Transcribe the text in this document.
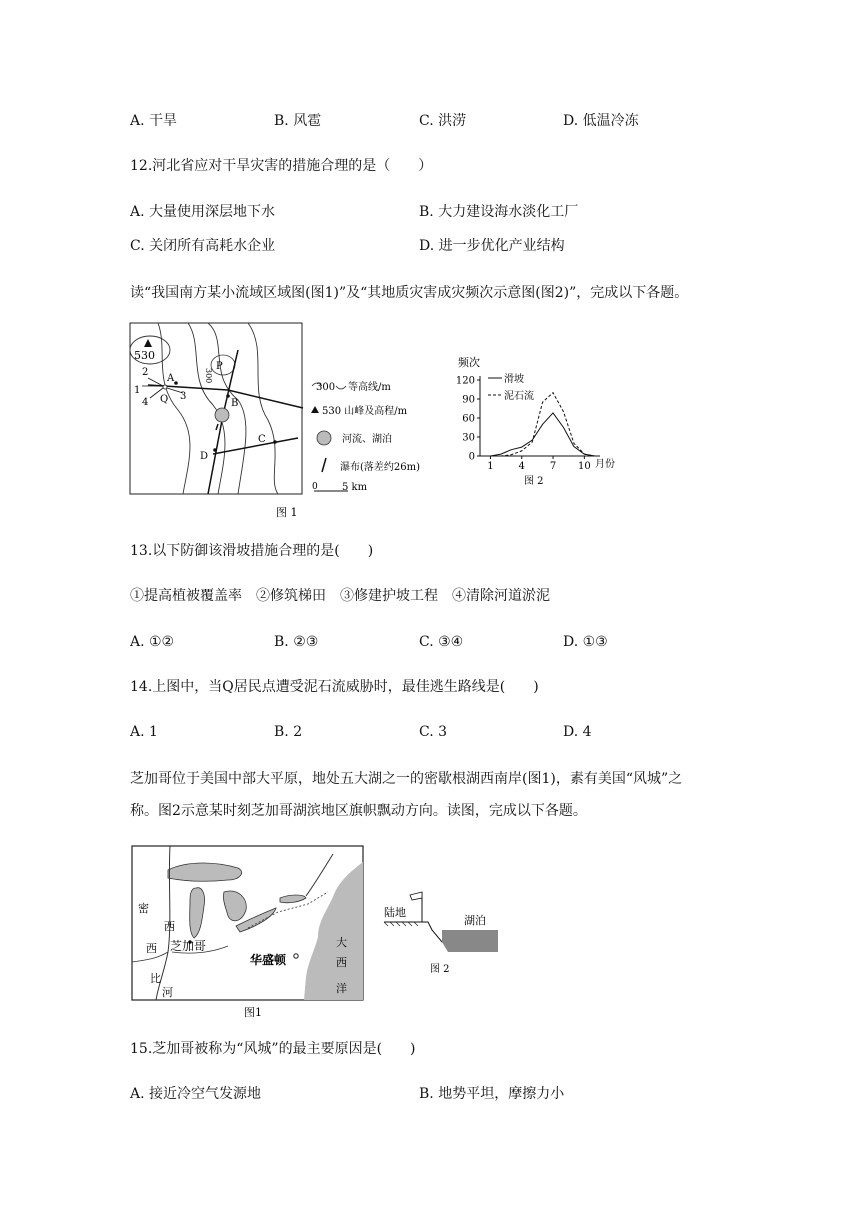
A. 干旱	B. 风雹	C. 洪涝	D. 低温冷冻
12.河北省应对干旱灾害的措施合理的是（　　）
A. 大量使用深层地下水	B. 大力建设海水淡化工厂
C. 关闭所有高耗水企业	D. 进一步优化产业结构
读“我国南方某小流域区域图(图1)”及“其地质灾害成灾频次示意图(图2)”，完成以下各题。
530
P
300
A
B
C
D
Q
1
2
3
4
图 1
300 等高线/m
530 山峰及高程/m
河流、湖泊
瀑布(落差约26m)
0 5 km
频次
0
30
60
90
120
1 4 7 10
滑坡
泥石流
月份
图 2
13.以下防御该滑坡措施合理的是(　　)
①提高植被覆盖率　②修筑梯田　③修建护坡工程　④清除河道淤泥
A. ①②	B. ②③	C. ③④	D. ①③
14.上图中，当Q居民点遭受泥石流威胁时，最佳逃生路线是(　　)
A. 1	B. 2	C. 3	D. 4
芝加哥位于美国中部大平原，地处五大湖之一的密歇根湖西南岸(图1)，素有美国“风城”之
称。图2示意某时刻芝加哥湖滨地区旗帜飘动方向。读图，完成以下各题。
密
西
西
比
河
芝加哥
华盛顿
大
西
洋
图1
陆地
湖泊
图 2
15.芝加哥被称为“风城”的最主要原因是(　　)
A. 接近冷空气发源地	B. 地势平坦，摩擦力小
